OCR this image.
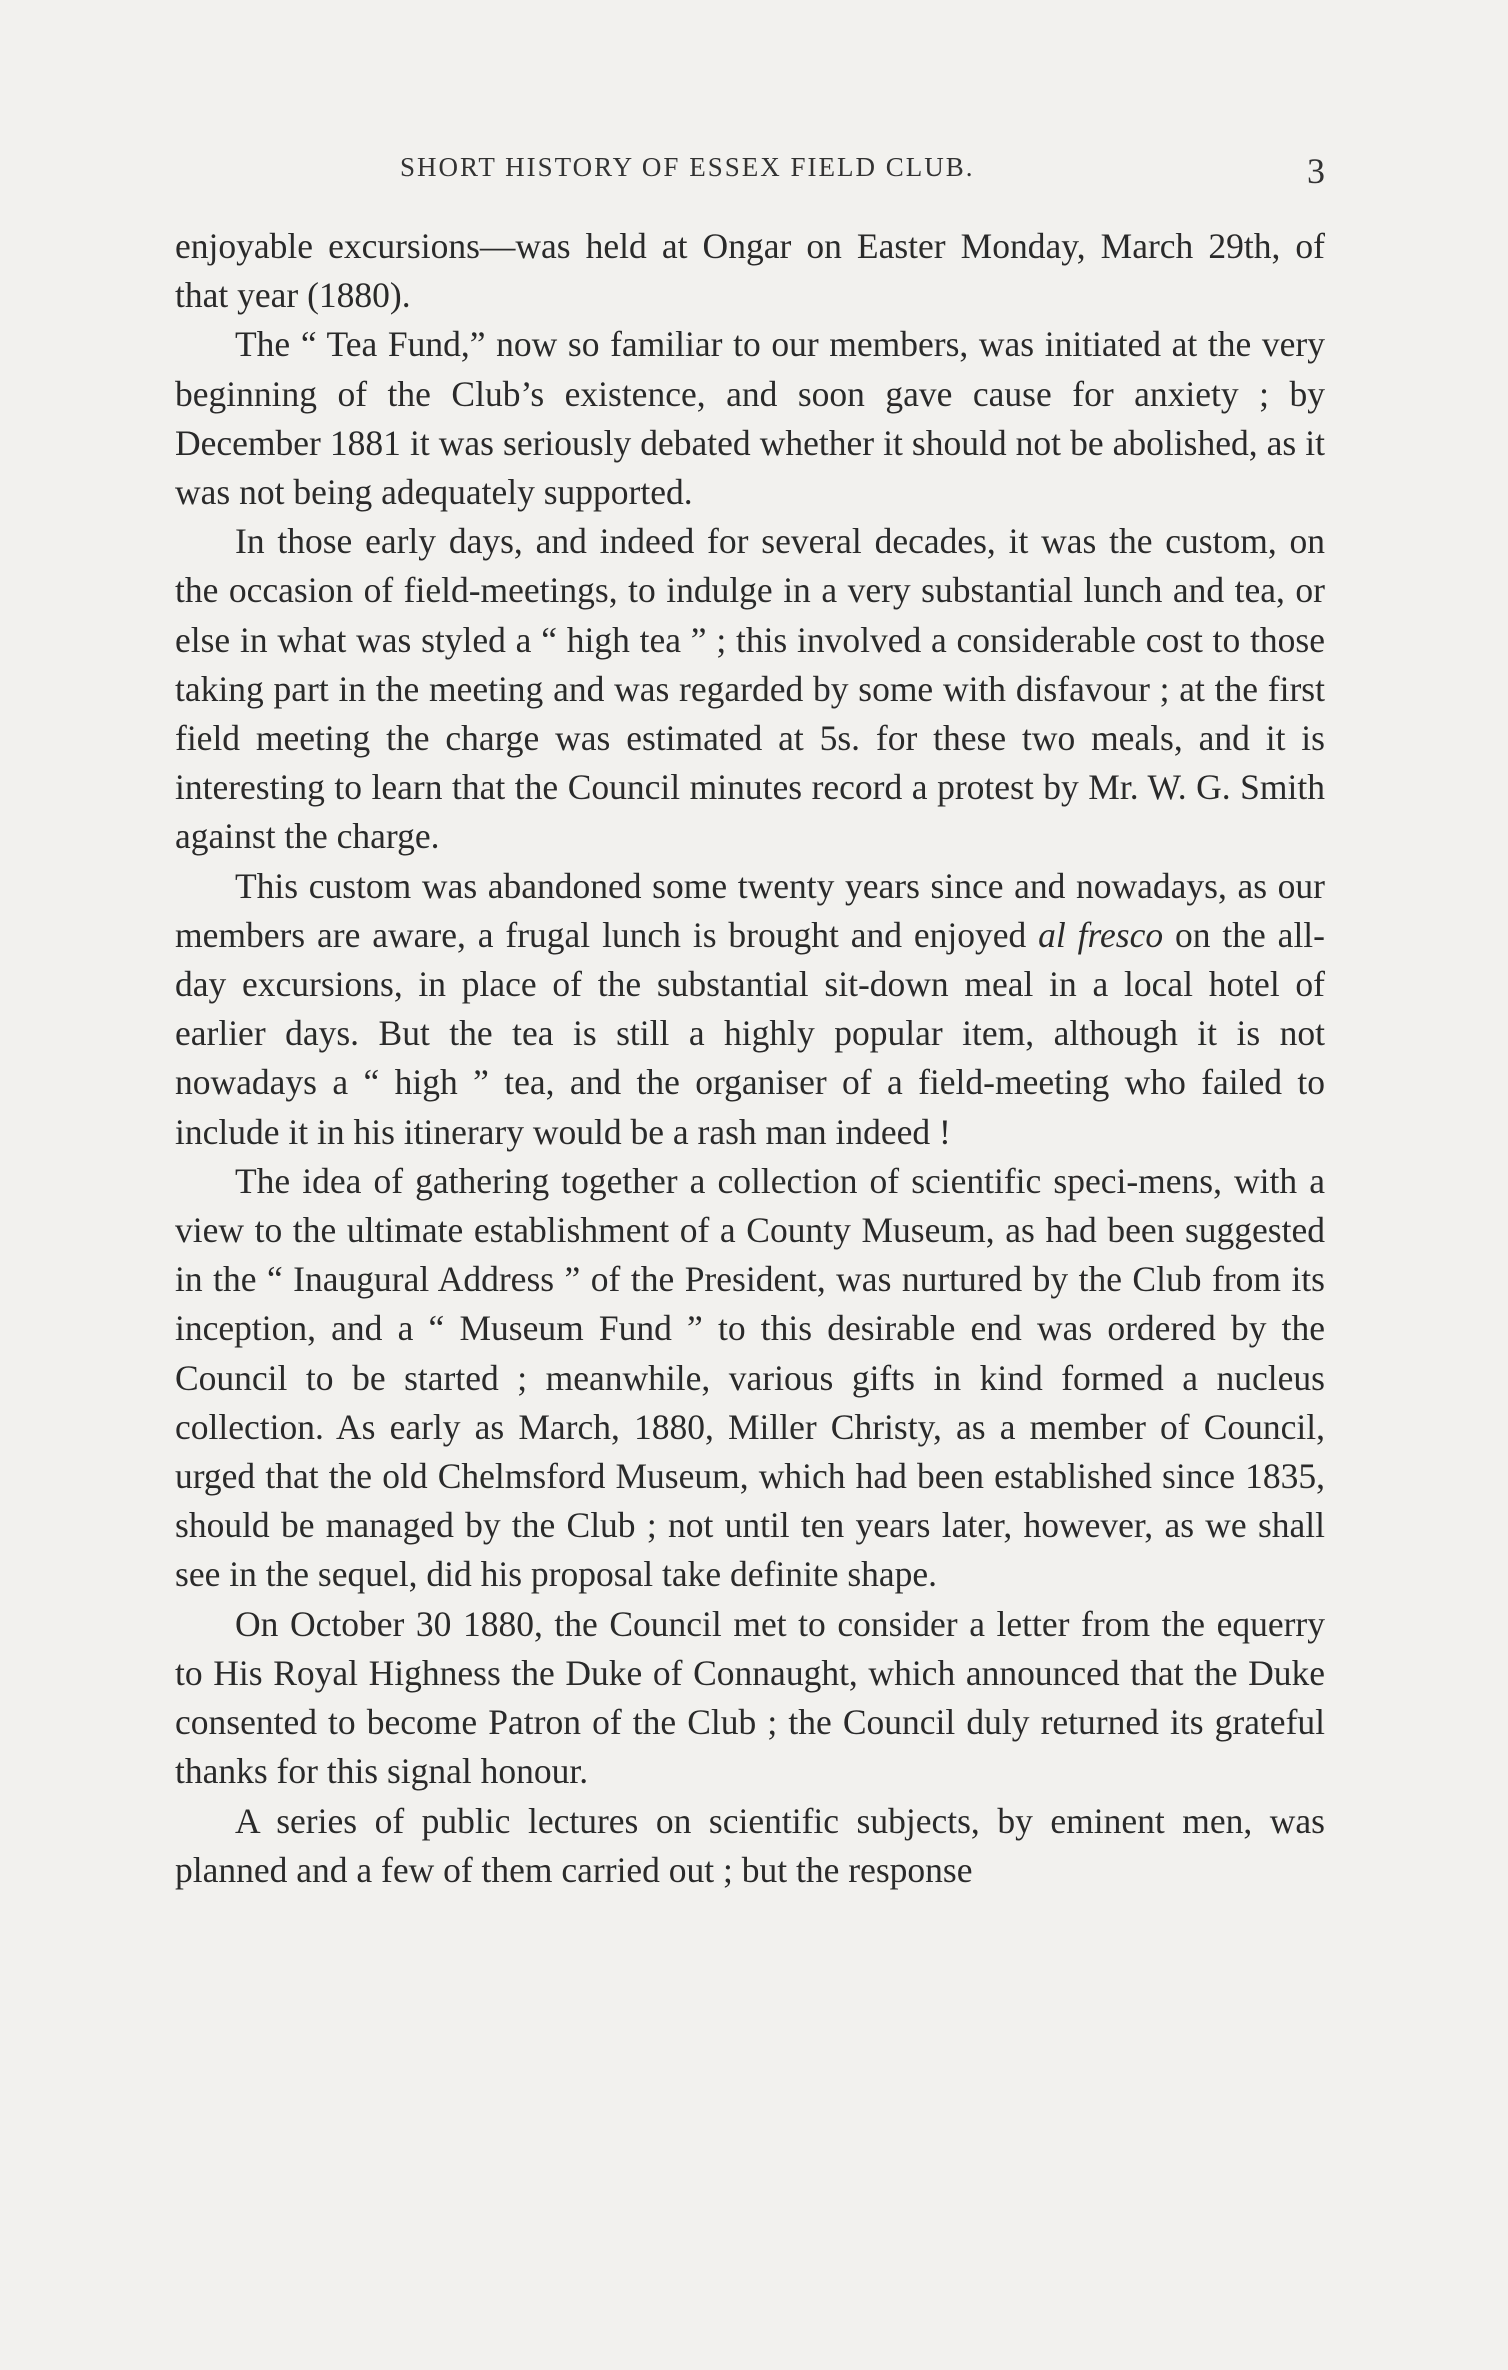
SHORT HISTORY OF ESSEX FIELD CLUB.	3

enjoyable excursions—was held at Ongar on Easter Monday, March 29th, of that year (1880).

The “ Tea Fund,” now so familiar to our members, was initiated at the very beginning of the Club’s existence, and soon gave cause for anxiety ; by December 1881 it was seriously debated whether it should not be abolished, as it was not being adequately supported.

In those early days, and indeed for several decades, it was the custom, on the occasion of field-meetings, to indulge in a very substantial lunch and tea, or else in what was styled a “ high tea ” ; this involved a considerable cost to those taking part in the meeting and was regarded by some with disfavour ; at the first field meeting the charge was estimated at 5s. for these two meals, and it is interesting to learn that the Council minutes record a protest by Mr. W. G. Smith against the charge.

This custom was abandoned some twenty years since and nowadays, as our members are aware, a frugal lunch is brought and enjoyed al fresco on the all-day excursions, in place of the substantial sit-down meal in a local hotel of earlier days. But the tea is still a highly popular item, although it is not nowadays a “ high ” tea, and the organiser of a field-meeting who failed to include it in his itinerary would be a rash man indeed !

The idea of gathering together a collection of scientific speci-mens, with a view to the ultimate establishment of a County Museum, as had been suggested in the “ Inaugural Address ” of the President, was nurtured by the Club from its inception, and a “ Museum Fund ” to this desirable end was ordered by the Council to be started ; meanwhile, various gifts in kind formed a nucleus collection. As early as March, 1880, Miller Christy, as a member of Council, urged that the old Chelmsford Museum, which had been established since 1835, should be managed by the Club ; not until ten years later, however, as we shall see in the sequel, did his proposal take definite shape.

On October 30 1880, the Council met to consider a letter from the equerry to His Royal Highness the Duke of Connaught, which announced that the Duke consented to become Patron of the Club ; the Council duly returned its grateful thanks for this signal honour.

A series of public lectures on scientific subjects, by eminent men, was planned and a few of them carried out ; but the response
